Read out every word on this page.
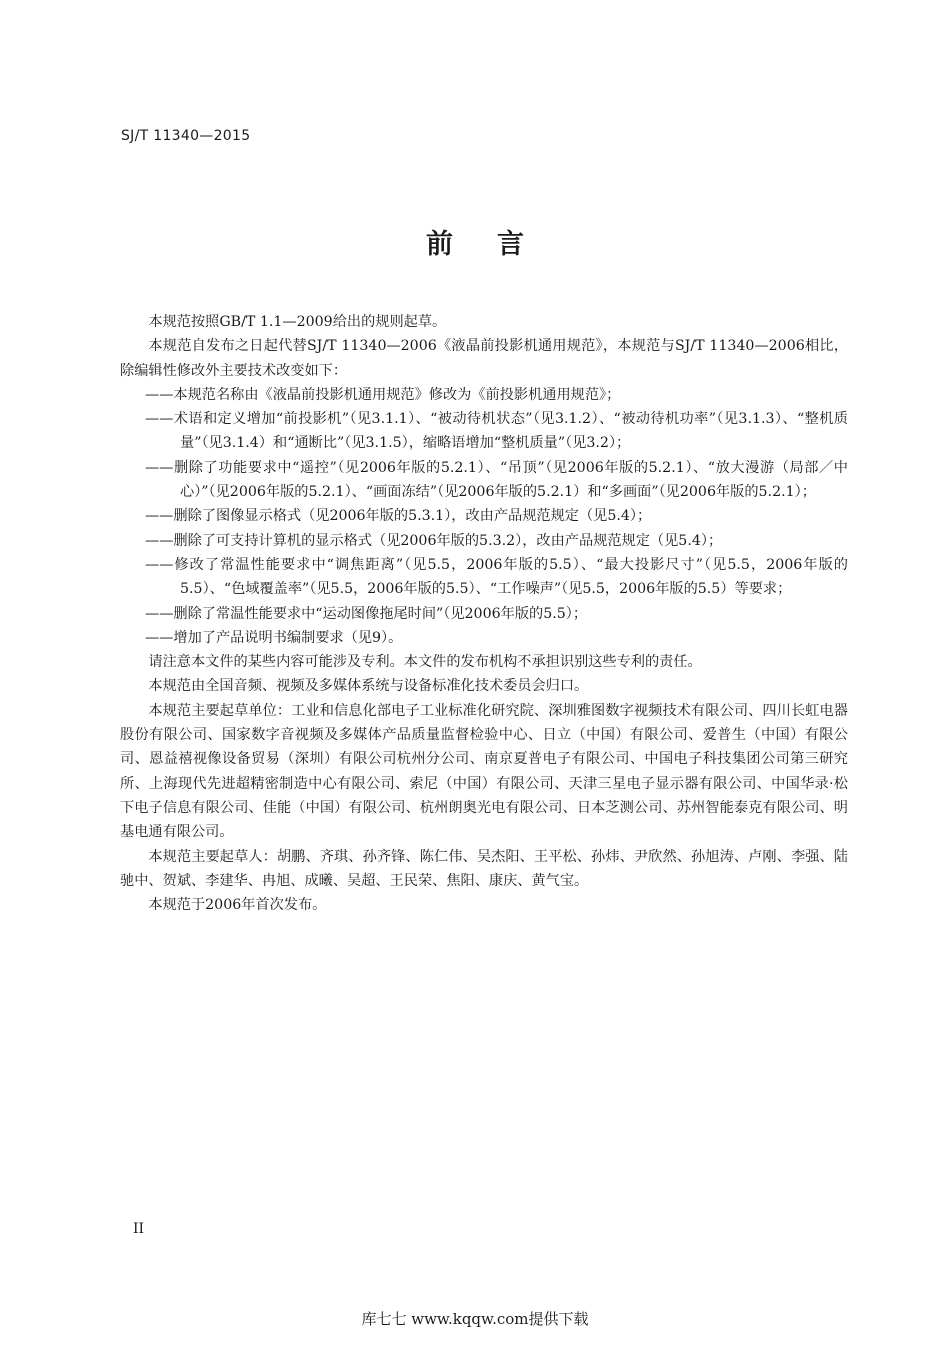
SJ/T 11340—2015
前言

本规范按照GB/T 1.1—2009给出的规则起草。

本规范自发布之日起代替SJ/T 11340—2006《液晶前投影机通用规范》，本规范与SJ/T 11340—2006相比，除编辑性修改外主要技术改变如下：

——本规范名称由《液晶前投影机通用规范》修改为《前投影机通用规范》；

——术语和定义增加“前投影机”（见3.1.1）、“被动待机状态”（见3.1.2）、“被动待机功率”（见3.1.3）、“整机质量”（见3.1.4）和“通断比”（见3.1.5），缩略语增加“整机质量”（见3.2）；

——删除了功能要求中“遥控”（见2006年版的5.2.1）、“吊顶”（见2006年版的5.2.1）、“放大漫游（局部／中心）”（见2006年版的5.2.1）、“画面冻结”（见2006年版的5.2.1）和“多画面”（见2006年版的5.2.1）；

——删除了图像显示格式（见2006年版的5.3.1），改由产品规范规定（见5.4）；

——删除了可支持计算机的显示格式（见2006年版的5.3.2），改由产品规范规定（见5.4）；

——修改了常温性能要求中“调焦距离”（见5.5，2006年版的5.5）、“最大投影尺寸”（见5.5，2006年版的5.5）、“色域覆盖率”（见5.5，2006年版的5.5）、“工作噪声”（见5.5，2006年版的5.5）等要求；

——删除了常温性能要求中“运动图像拖尾时间”（见2006年版的5.5）；

——增加了产品说明书编制要求（见9）。

请注意本文件的某些内容可能涉及专利。本文件的发布机构不承担识别这些专利的责任。

本规范由全国音频、视频及多媒体系统与设备标准化技术委员会归口。

本规范主要起草单位：工业和信息化部电子工业标准化研究院、深圳雅图数字视频技术有限公司、四川长虹电器股份有限公司、国家数字音视频及多媒体产品质量监督检验中心、日立（中国）有限公司、爱普生（中国）有限公司、恩益禧视像设备贸易（深圳）有限公司杭州分公司、南京夏普电子有限公司、中国电子科技集团公司第三研究所、上海现代先进超精密制造中心有限公司、索尼（中国）有限公司、天津三星电子显示器有限公司、中国华录·松下电子信息有限公司、佳能（中国）有限公司、杭州朗奥光电有限公司、日本芝测公司、苏州智能泰克有限公司、明基电通有限公司。

本规范主要起草人：胡鹏、齐琪、孙齐锋、陈仁伟、吴杰阳、王平松、孙炜、尹欣然、孙旭涛、卢刚、李强、陆驰中、贺斌、李建华、冉旭、成曦、吴超、王民荣、焦阳、康庆、黄气宝。

本规范于2006年首次发布。

II
库七七 www.kqqw.com提供下载
